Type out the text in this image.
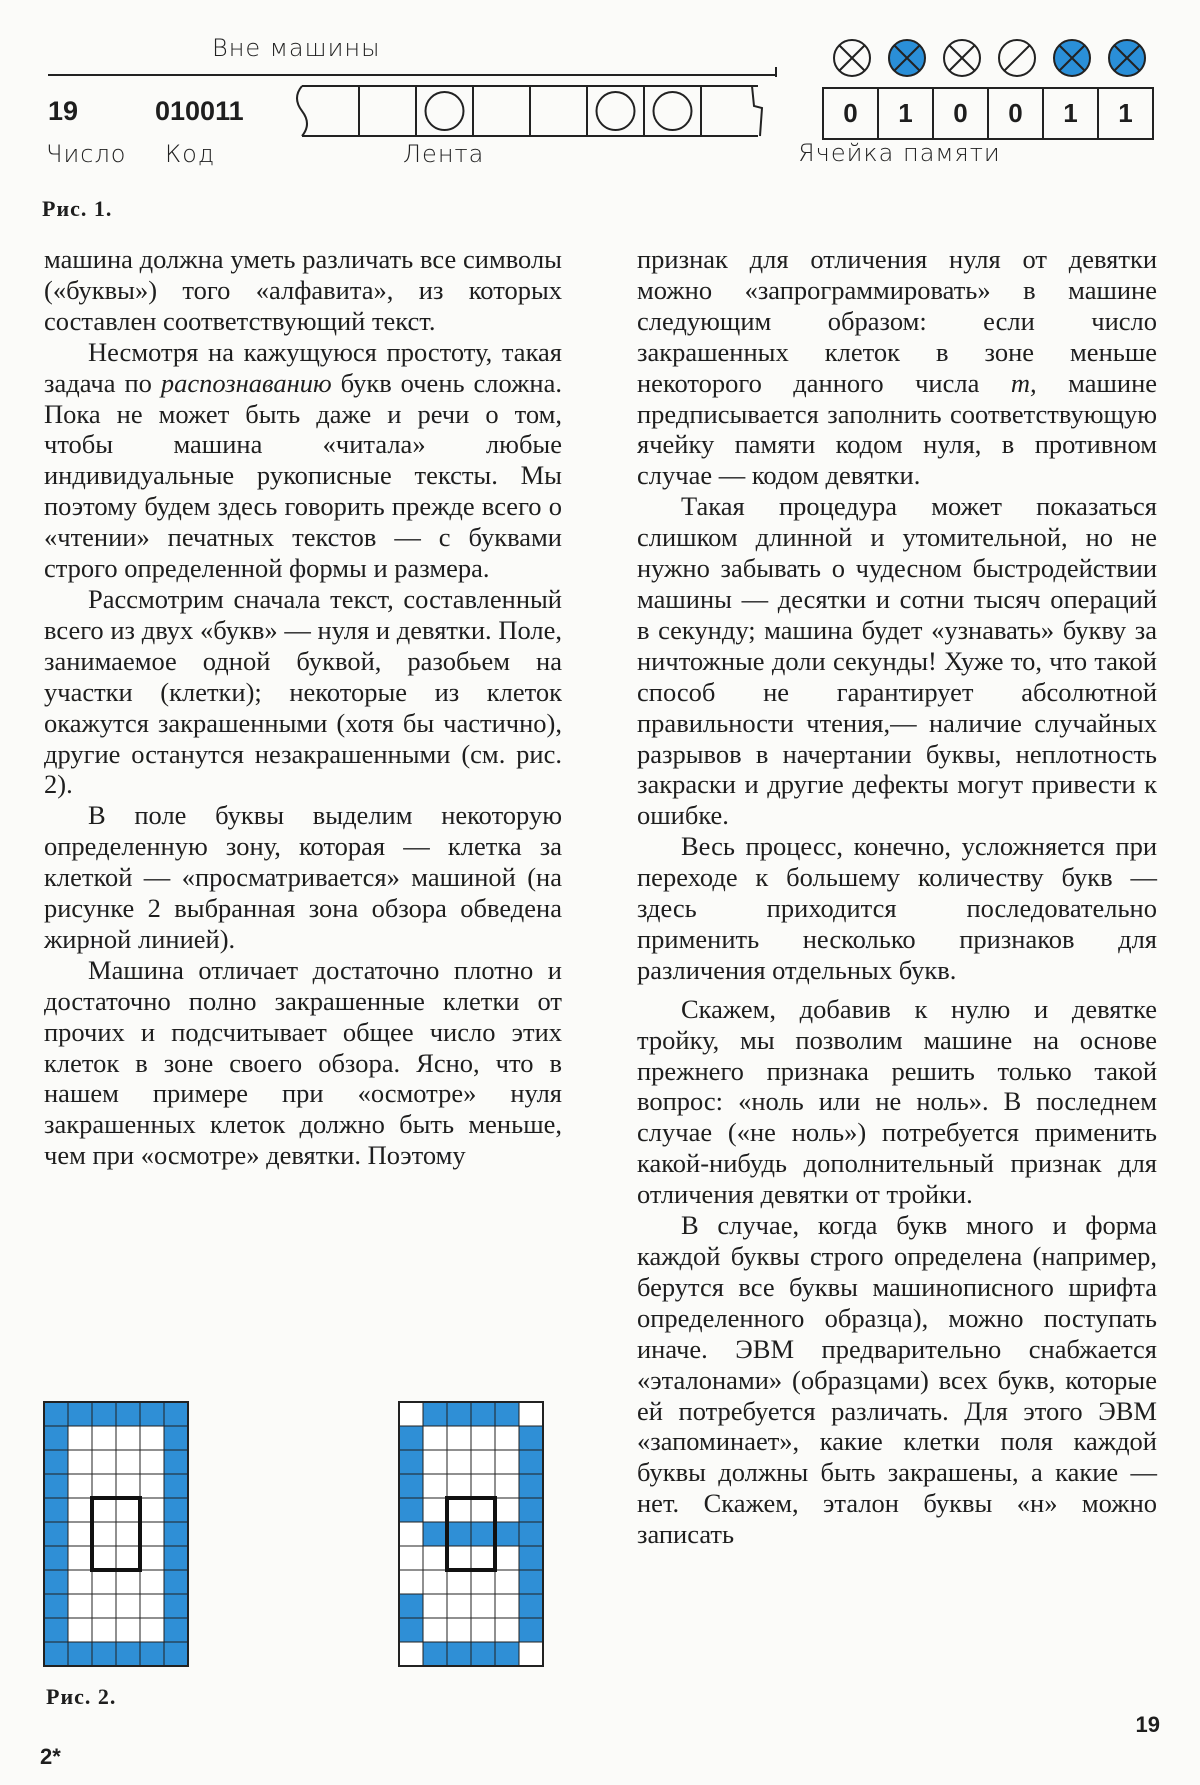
Вне машины
19	010011
Число Код	Лента
0	1	0	0	1	1
Ячейка памяти
Рис. 1.

машина должна уметь различать все символы («буквы») того «алфавита», из которых составлен соответствующий текст.

Несмотря на кажущуюся простоту, такая задача по распознаванию букв очень сложна. Пока не может быть даже и речи о том, чтобы машина «читала» любые индивидуальные рукописные тексты. Мы поэтому будем здесь говорить прежде всего о «чтении» печатных текстов — с буквами строго определенной формы и размера.

Рассмотрим сначала текст, составленный всего из двух «букв» — нуля и девятки. Поле, занимаемое одной буквой, разобьем на участки (клетки); некоторые из клеток окажутся закрашенными (хотя бы частично), другие останутся незакрашенными (см. рис. 2).

В поле буквы выделим некоторую определенную зону, которая — клетка за клеткой — «просматривается» машиной (на рисунке 2 выбранная зона обзора обведена жирной линией).

Машина отличает достаточно плотно и достаточно полно закрашенные клетки от прочих и подсчитывает общее число этих клеток в зоне своего обзора. Ясно, что в нашем примере при «осмотре» нуля закрашенных клеток должно быть меньше, чем при «осмотре» девятки. Поэтому

признак для отличения нуля от девятки можно «запрограммировать» в машине следующим образом: если число закрашенных клеток в зоне меньше некоторого данного числа m, машине предписывается заполнить соответствующую ячейку памяти кодом нуля, в противном случае — кодом девятки.

Такая процедура может показаться слишком длинной и утомительной, но не нужно забывать о чудесном быстродействии машины — десятки и сотни тысяч операций в секунду; машина будет «узнавать» букву за ничтожные доли секунды! Хуже то, что такой способ не гарантирует абсолютной правильности чтения,— наличие случайных разрывов в начертании буквы, неплотность закраски и другие дефекты могут привести к ошибке.

Весь процесс, конечно, усложняется при переходе к большему количеству букв — здесь приходится последовательно применить несколько признаков для различения отдельных букв.

Скажем, добавив к нулю и девятке тройку, мы позволим машине на основе прежнего признака решить только такой вопрос: «ноль или не ноль». В последнем случае («не ноль») потребуется применить какой-нибудь дополнительный признак для отличения девятки от тройки.

В случае, когда букв много и форма каждой буквы строго определена (например, берутся все буквы машинописного шрифта определенного образца), можно поступать иначе. ЭВМ предварительно снабжается «эталонами» (образцами) всех букв, которые ей потребуется различать. Для этого ЭВМ «запоминает», какие клетки поля каждой буквы должны быть закрашены, а какие — нет. Скажем, эталон буквы «н» можно записать

Рис. 2.
19
2*
